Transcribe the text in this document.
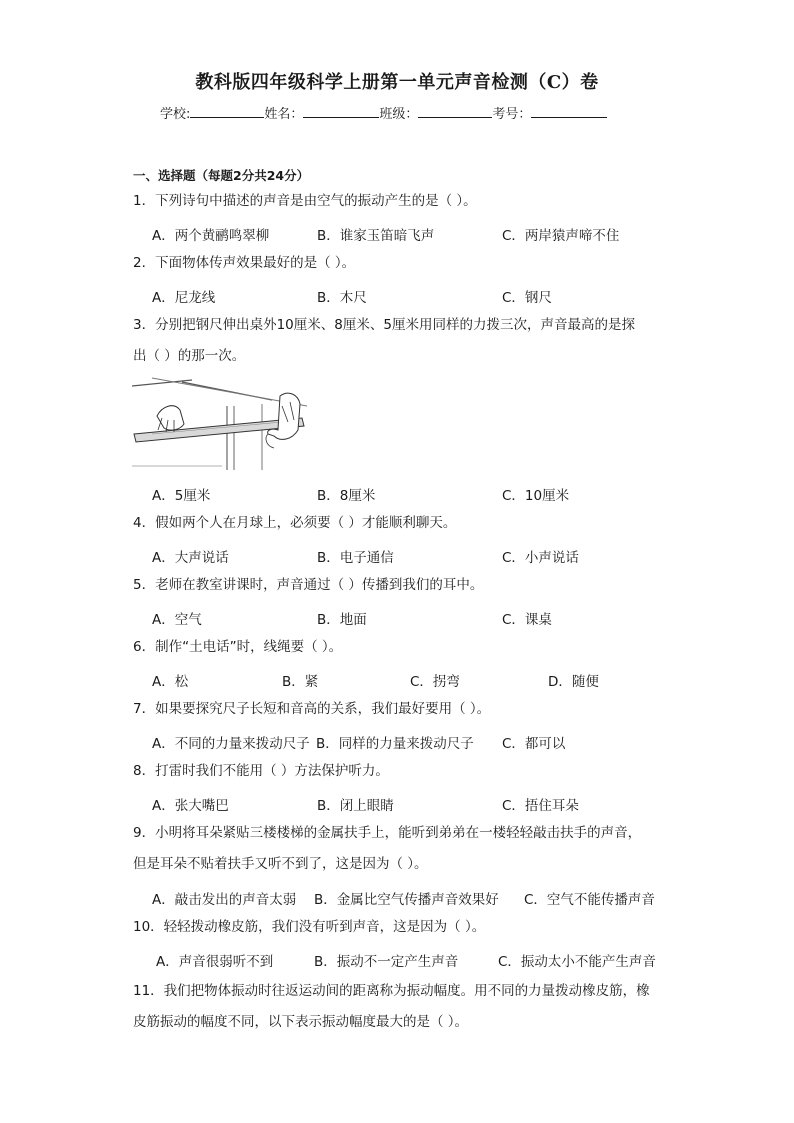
教科版四年级科学上册第一单元声音检测（C）卷
学校:	姓名：	班级：	考号：
一、选择题（每题2分共24分）
1．下列诗句中描述的声音是由空气的振动产生的是（ ）。
A．两个黄鹂鸣翠柳	B．谁家玉笛暗飞声	C．两岸猿声啼不住
2．下面物体传声效果最好的是（ ）。
A．尼龙线	B．木尺	C．钢尺
3．分别把钢尺伸出桌外10厘米、8厘米、5厘米用同样的力拨三次，声音最高的是探
出（ ）的那一次。
A．5厘米	B．8厘米	C．10厘米
4．假如两个人在月球上，必须要（ ）才能顺利聊天。
A．大声说话	B．电子通信	C．小声说话
5．老师在教室讲课时，声音通过（ ）传播到我们的耳中。
A．空气	B．地面	C．课桌
6．制作“土电话”时，线绳要（ ）。
A．松	B．紧	C．拐弯	D．随便
7．如果要探究尺子长短和音高的关系，我们最好要用（ ）。
A．不同的力量来拨动尺子 B．同样的力量来拨动尺子 C．都可以
8．打雷时我们不能用（ ）方法保护听力。
A．张大嘴巴	B．闭上眼睛	C．捂住耳朵
9．小明将耳朵紧贴三楼楼梯的金属扶手上，能听到弟弟在一楼轻轻敲击扶手的声音，
但是耳朵不贴着扶手又听不到了，这是因为（ ）。
A．敲击发出的声音太弱 B．金属比空气传播声音效果好 C．空气不能传播声音
10．轻轻拨动橡皮筋，我们没有听到声音，这是因为（ ）。
A．声音很弱听不到	B．振动不一定产生声音	C．振动太小不能产生声音
11．我们把物体振动时往返运动间的距离称为振动幅度。用不同的力量拨动橡皮筋，橡
皮筋振动的幅度不同，以下表示振动幅度最大的是（ ）。
